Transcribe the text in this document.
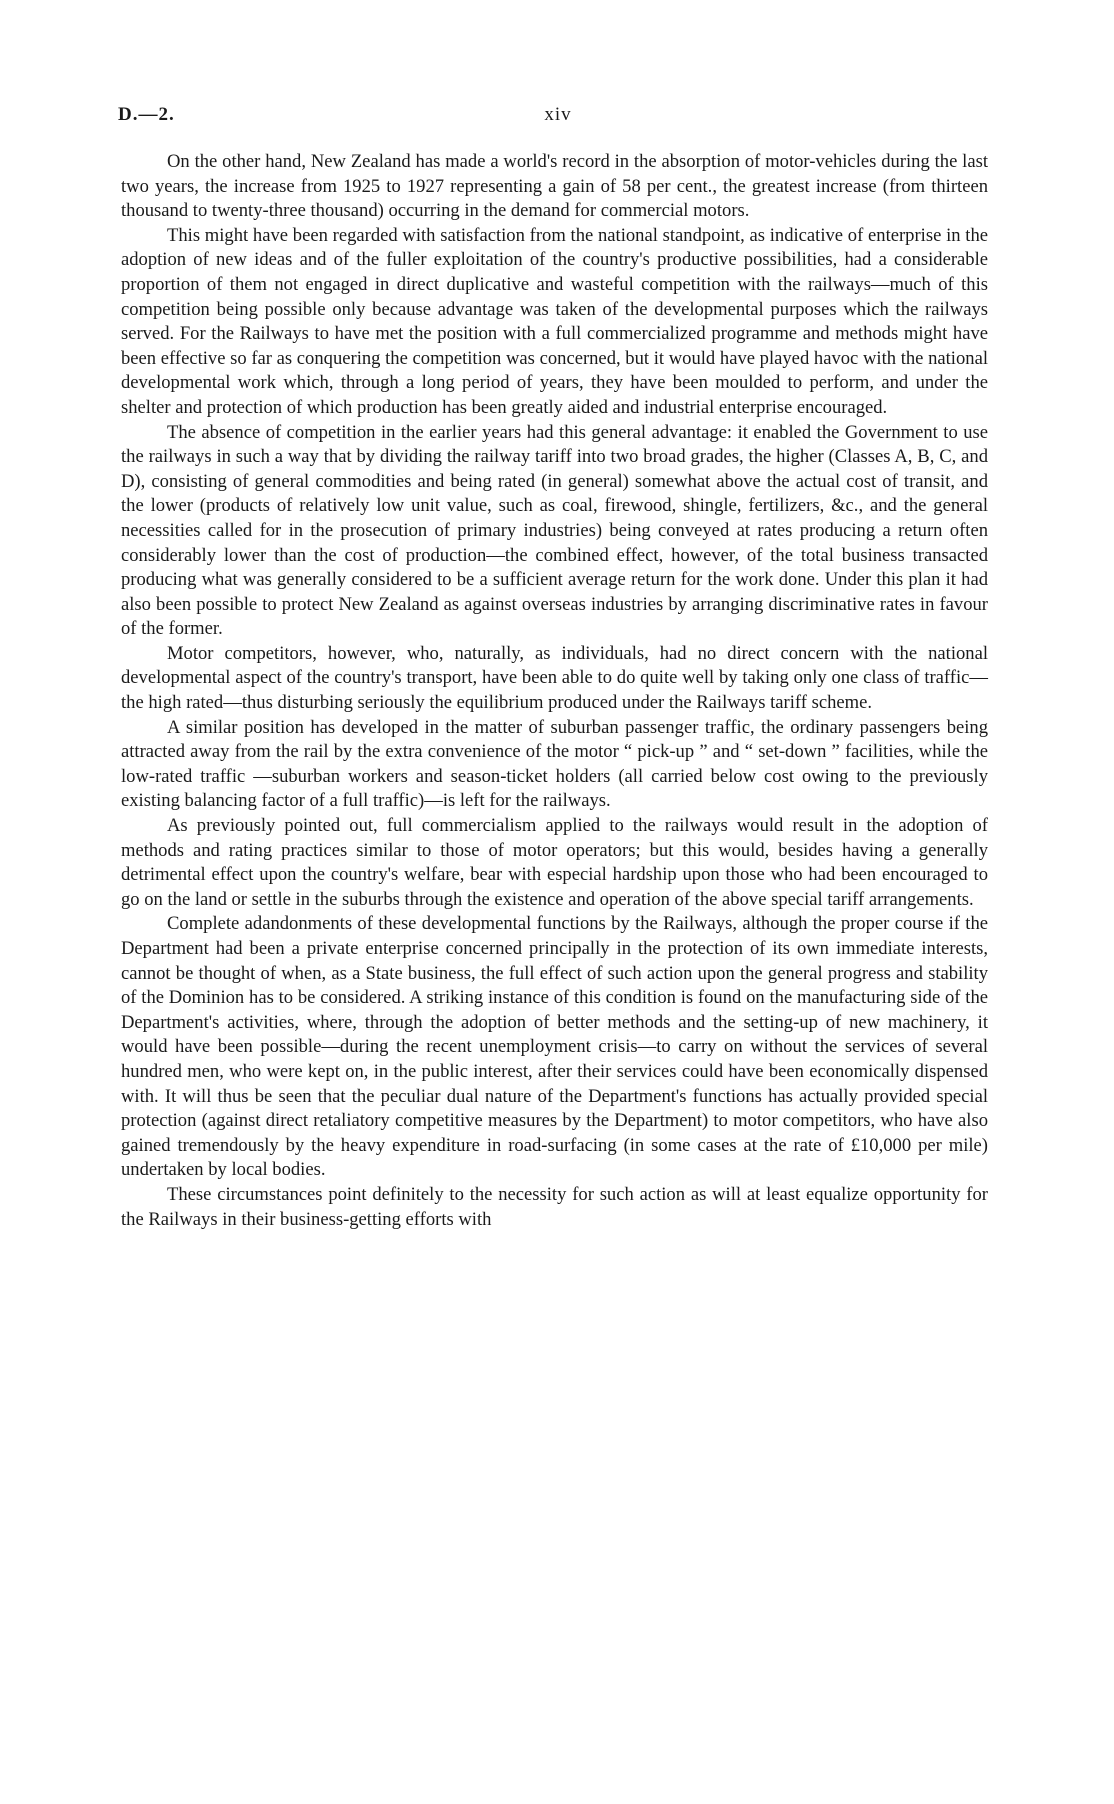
D.—2.	xiv

On the other hand, New Zealand has made a world's record in the absorption of motor-vehicles during the last two years, the increase from 1925 to 1927 representing a gain of 58 per cent., the greatest increase (from thirteen thousand to twenty-three thousand) occurring in the demand for commercial motors.

This might have been regarded with satisfaction from the national standpoint, as indicative of enterprise in the adoption of new ideas and of the fuller exploitation of the country's productive possibilities, had a considerable proportion of them not engaged in direct duplicative and wasteful competition with the railways—much of this competition being possible only because advantage was taken of the developmental purposes which the railways served. For the Railways to have met the position with a full commercialized programme and methods might have been effective so far as conquering the competition was concerned, but it would have played havoc with the national developmental work which, through a long period of years, they have been moulded to perform, and under the shelter and protection of which production has been greatly aided and industrial enterprise encouraged.

The absence of competition in the earlier years had this general advantage: it enabled the Government to use the railways in such a way that by dividing the railway tariff into two broad grades, the higher (Classes A, B, C, and D), consisting of general commodities and being rated (in general) somewhat above the actual cost of transit, and the lower (products of relatively low unit value, such as coal, firewood, shingle, fertilizers, &c., and the general necessities called for in the prosecution of primary industries) being conveyed at rates producing a return often considerably lower than the cost of production—the combined effect, however, of the total business transacted producing what was generally considered to be a sufficient average return for the work done. Under this plan it had also been possible to protect New Zealand as against overseas industries by arranging discriminative rates in favour of the former.

Motor competitors, however, who, naturally, as individuals, had no direct concern with the national developmental aspect of the country's transport, have been able to do quite well by taking only one class of traffic—the high rated—thus disturbing seriously the equilibrium produced under the Railways tariff scheme.

A similar position has developed in the matter of suburban passenger traffic, the ordinary passengers being attracted away from the rail by the extra convenience of the motor “ pick-up ” and “ set-down ” facilities, while the low-rated traffic —suburban workers and season-ticket holders (all carried below cost owing to the previously existing balancing factor of a full traffic)—is left for the railways.

As previously pointed out, full commercialism applied to the railways would result in the adoption of methods and rating practices similar to those of motor operators; but this would, besides having a generally detrimental effect upon the country's welfare, bear with especial hardship upon those who had been encouraged to go on the land or settle in the suburbs through the existence and operation of the above special tariff arrangements.

Complete adandonments of these developmental functions by the Railways, although the proper course if the Department had been a private enterprise concerned principally in the protection of its own immediate interests, cannot be thought of when, as a State business, the full effect of such action upon the general progress and stability of the Dominion has to be considered. A striking instance of this condition is found on the manufacturing side of the Department's activities, where, through the adoption of better methods and the setting-up of new machinery, it would have been possible—during the recent unemployment crisis—to carry on without the services of several hundred men, who were kept on, in the public interest, after their services could have been economically dispensed with. It will thus be seen that the peculiar dual nature of the Department's functions has actually provided special protection (against direct retaliatory competitive measures by the Department) to motor competitors, who have also gained tremendously by the heavy expenditure in road-surfacing (in some cases at the rate of £10,000 per mile) undertaken by local bodies.

These circumstances point definitely to the necessity for such action as will at least equalize opportunity for the Railways in their business-getting efforts with
